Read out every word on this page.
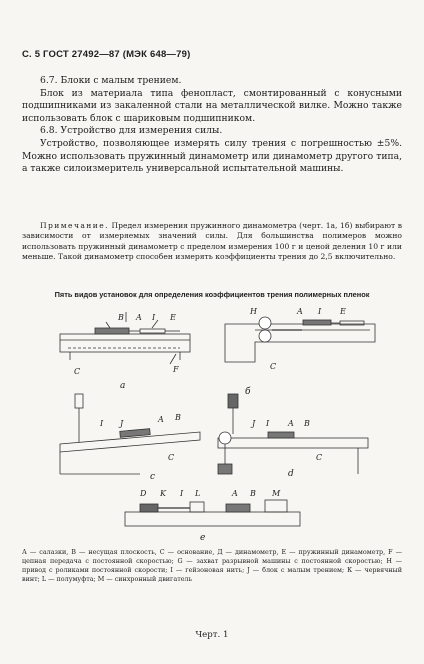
С. 5 ГОСТ 27492—87 (МЭК 648—79)

6.7. Блоки с малым трением.

Блок из материала типа фенопласт, смонтированный с конусными подшипниками из закаленной стали на металлической вилке. Можно также использовать блок с шариковым подшипником.

6.8. Устройство для измерения силы.

Устройство, позволяющее измерять силу трения с погрешностью ±5%. Можно использовать пружинный динамометр или динамометр другого типа, а также силоизмеритель универсальной испытательной машины.

Примечание. Предел измерения пружинного динамометра (черт. 1а, 1б) выбирают в зависимости от измеряемых значений силы. Для большинства полимеров можно использовать пружинный динамометр с пределом измерения 100 г и ценой деления 10 г или меньше. Такой динамометр способен измерять коэффициенты трения до 2,5 включительно.

Пять видов установок для определения коэффициентов трения полимерных пленок
B A I E
F
C
а
H	A I E
C
б
I J	A B
C
c
J I A B
С
d
D K I L	A B M
e

А — салазки, В — несущая плоскость, С — основание, Д — динамометр, Е — пружинный динамометр, F — цепная передача с постоянной скоростью; G — захват разрывной машины с постоянной скоростью; Н — привод с роликами постоянной скорости; I — гейзоновая нить; J — блок с малым трением; К — червячный винт; L — полумуфта; М — синхронный двигатель

Черт. 1
